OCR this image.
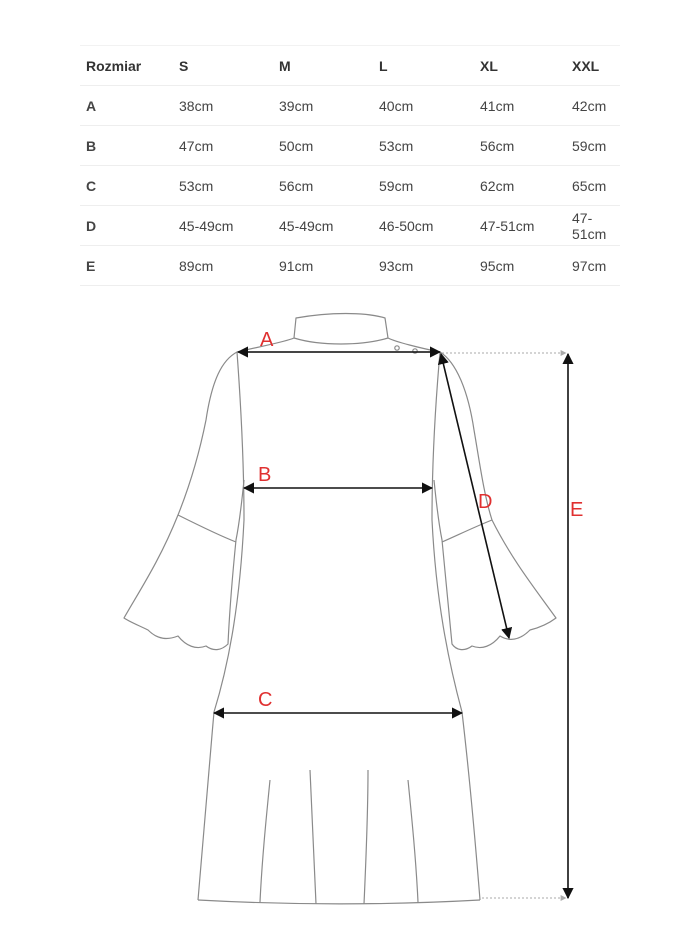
Rozmiar	S	M	L	XL	XXL
A	38cm	39cm	40cm	41cm	42cm
B	47cm	50cm	53cm	56cm	59cm
C	53cm	56cm	59cm	62cm	65cm
D	45-49cm	45-49cm	46-50cm	47-51cm	47-51cm
E	89cm	91cm	93cm	95cm	97cm
A
B
C
D	E
